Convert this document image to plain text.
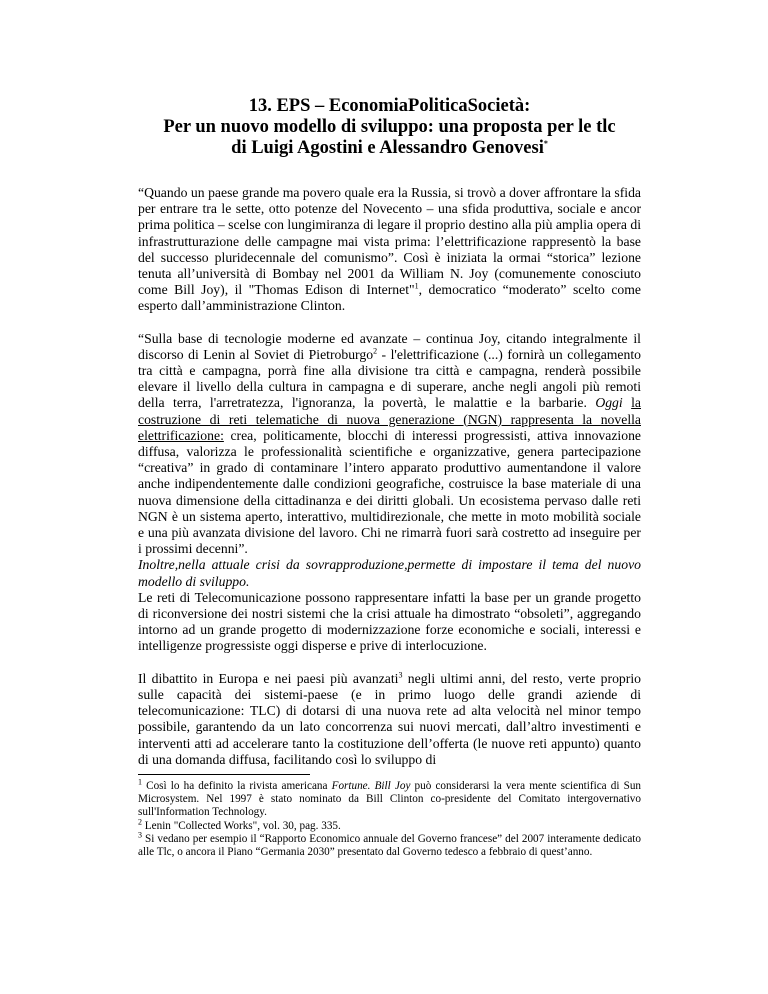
13. EPS – EconomiaPoliticaSocietà:
Per un nuovo modello di sviluppo: una proposta per le tlc
di Luigi Agostini e Alessandro Genovesi*

“Quando un paese grande ma povero quale era la Russia, si trovò a dover affrontare la sfida per entrare tra le sette, otto potenze del Novecento – una sfida produttiva, sociale e ancor prima politica – scelse con lungimiranza di legare il proprio destino alla più amplia opera di infrastrutturazione delle campagne mai vista prima: l’elettrificazione rappresentò la base del successo pluridecennale del comunismo”. Così è iniziata la ormai “storica” lezione tenuta all’università di Bombay nel 2001 da William N. Joy (comunemente conosciuto come Bill Joy), il "Thomas Edison di Internet"$^1$, democratico “moderato” scelto come esperto dall’amministrazione Clinton.

“Sulla base di tecnologie moderne ed avanzate – continua Joy, citando integralmente il discorso di Lenin al Soviet di Pietroburgo$^2$ - l'elettrificazione (...) fornirà un collegamento tra città e campagna, porrà fine alla divisione tra città e campagna, renderà possibile elevare il livello della cultura in campagna e di superare, anche negli angoli più remoti della terra, l'arretratezza, l'ignoranza, la povertà, le malattie e la barbarie. Oggi la costruzione di reti telematiche di nuova generazione (NGN) rappresenta la novella elettrificazione: crea, politicamente, blocchi di interessi progressisti, attiva innovazione diffusa, valorizza le professionalità scientifiche e organizzative, genera partecipazione “creativa” in grado di contaminare l’intero apparato produttivo aumentandone il valore anche indipendentemente dalle condizioni geografiche, costruisce la base materiale di una nuova dimensione della cittadinanza e dei diritti globali. Un ecosistema pervaso dalle reti NGN è un sistema aperto, interattivo, multidirezionale, che mette in moto mobilità sociale e una più avanzata divisione del lavoro. Chi ne rimarrà fuori sarà costretto ad inseguire per i prossimi decenni”.

Inoltre,nella attuale crisi da sovrapproduzione,permette di impostare il tema del nuovo modello di sviluppo.

Le reti di Telecomunicazione possono rappresentare infatti la base per un grande progetto di riconversione dei nostri sistemi che la crisi attuale ha dimostrato “obsoleti”, aggregando intorno ad un grande progetto di modernizzazione forze economiche e sociali, interessi e intelligenze progressiste oggi disperse e prive di interlocuzione.

Il dibattito in Europa e nei paesi più avanzati$^3$ negli ultimi anni, del resto, verte proprio sulle capacità dei sistemi-paese (e in primo luogo delle grandi aziende di telecomunicazione: TLC) di dotarsi di una nuova rete ad alta velocità nel minor tempo possibile, garantendo da un lato concorrenza sui nuovi mercati, dall’altro investimenti e interventi atti ad accelerare tanto la costituzione dell’offerta (le nuove reti appunto) quanto di una domanda diffusa, facilitando così lo sviluppo di

$^1$ Così lo ha definito la rivista americana Fortune. Bill Joy può considerarsi la vera mente scientifica di Sun Microsystem. Nel 1997 è stato nominato da Bill Clinton co-presidente del Comitato intergovernativo sull'Information Technology.

$^2$ Lenin "Collected Works", vol. 30, pag. 335.

$^3$ Si vedano per esempio il “Rapporto Economico annuale del Governo francese” del 2007 interamente dedicato alle Tlc, o ancora il Piano “Germania 2030” presentato dal Governo tedesco a febbraio di quest’anno.
